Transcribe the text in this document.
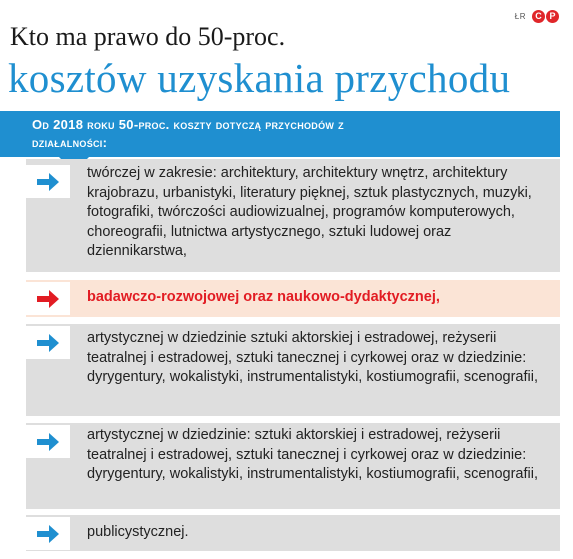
ŁR	C P
Kto ma prawo do 50-proc.
kosztów uzyskania przychodu
Od 2018 roku 50-proc. koszty dotyczą przychodów z działalności:
twórczej w zakresie: architektury, architektury wnętrz, architektury krajobrazu, urbanistyki, literatury pięknej, sztuk plastycznych, muzyki, fotografiki, twórczości audiowizualnej, programów komputerowych, choreografii, lutnictwa artystycznego, sztuki ludowej oraz dziennikarstwa,
badawczo-rozwojowej oraz naukowo-dydaktycznej,
artystycznej w dziedzinie sztuki aktorskiej i estradowej, reżyserii teatralnej i estradowej, sztuki tanecznej i cyrkowej oraz w dziedzinie: dyrygentury, wokalistyki, instrumentalistyki, kostiumografii, scenografii,
artystycznej w dziedzinie: sztuki aktorskiej i estradowej, reżyserii teatralnej i estradowej, sztuki tanecznej i cyrkowej oraz w dziedzinie: dyrygentury, wokalistyki, instrumentalistyki, kostiumografii, scenografii,
publicystycznej.
